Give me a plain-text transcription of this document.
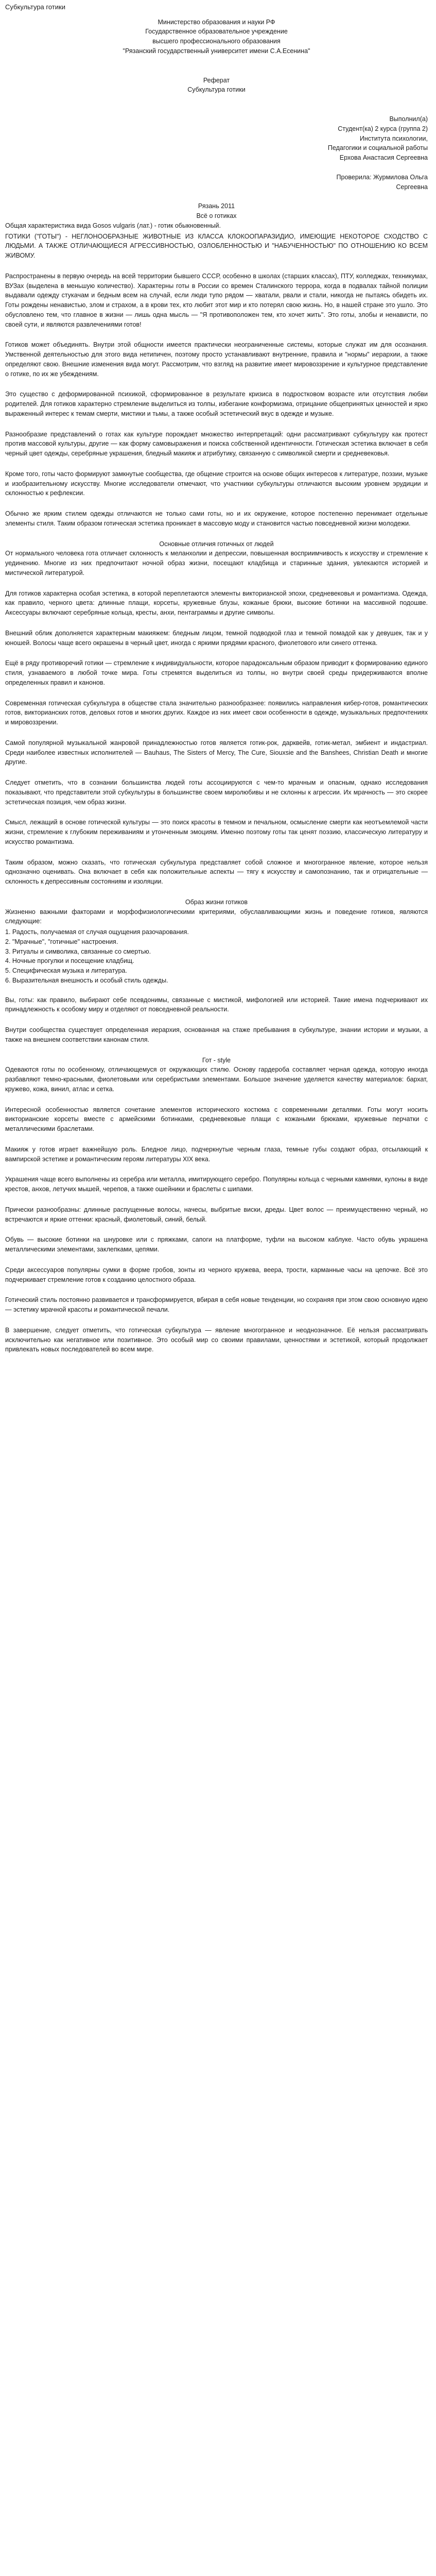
Субкультура готики

Министерство образования и науки РФ

Государственное образовательное учреждение

высшего профессионального образования

"Рязанский государственный университет имени С.А.Есенина"

Реферат

Субкультура готики

Выполнил(а)

Студент(ка) 2 курса (группа 2)

Института психологии,

Педагогики и социальной работы

Ерхова Анастасия Сергеевна

Проверила: Журмилова Ольга

Сергеевна

Рязань 2011

Всё о готиках

Общая характеристика вида Gosos vulgaris (лат.) - готик обыкновенный.

ГОТИКИ ("ГОТЫ") - НЕГЛОНООБРАЗНЫЕ ЖИВОТНЫЕ ИЗ КЛАССА КЛОКООПАРАЗИДИО, ИМЕЮЩИЕ НЕКОТОРОЕ СХОДСТВО С ЛЮДЬМИ. А ТАКЖЕ ОТЛИЧАЮЩИЕСЯ АГРЕССИВНОСТЬЮ, ОЗЛОБЛЕННОСТЬЮ И "НАБУЧЕННОСТЬЮ" ПО ОТНОШЕНИЮ КО ВСЕМ ЖИВОМУ.

Распространены в первую очередь на всей территории бывшего СССР, особенно в школах (старших классах), ПТУ, колледжах, техникумах, ВУЗах (выделена в меньшую количество). Характерны готы в России со времен Сталинского террора, когда в подвалах тайной полиции выдавали одежду стукачам и бедным всем на случай, если люди тупо рядом — хватали, рвали и стали, никогда не пытаясь обидеть их. Готы рождены ненавистью, злом и страхом, а в крови тех, кто любит этот мир и кто потерял свою жизнь. Но, в нашей стране это ушло. Это обусловлено тем, что главное в жизни — лишь одна мысль — "Я противоположен тем, кто хочет жить". Это готы, злобы и ненависти, по своей сути, и являются развлечениями готов!

Готиков может объединять. Внутри этой общности имеется практически неограниченные системы, которые служат им для осознания. Умственной деятельностью для этого вида нетипичен, поэтому просто устанавливают внутренние, правила и "нормы" иерархии, а также определяют свою. Внешние изменения вида могут. Рассмотрим, что взгляд на развитие имеет мировоззрение и культурное представление о готике, по их же убеждениям.

Это существо с деформированной психикой, сформированное в результате кризиса в подростковом возрасте или отсутствия любви родителей. Для готиков характерно стремление выделиться из толпы, избегание конформизма, отрицание общепринятых ценностей и ярко выраженный интерес к темам смерти, мистики и тьмы, а также особый эстетический вкус в одежде и музыке.

Разнообразие представлений о готах как культуре порождает множество интерпретаций: одни рассматривают субкультуру как протест против массовой культуры, другие — как форму самовыражения и поиска собственной идентичности. Готическая эстетика включает в себя черный цвет одежды, серебряные украшения, бледный макияж и атрибутику, связанную с символикой смерти и средневековья.

Кроме того, готы часто формируют замкнутые сообщества, где общение строится на основе общих интересов к литературе, поэзии, музыке и изобразительному искусству. Многие исследователи отмечают, что участники субкультуры отличаются высоким уровнем эрудиции и склонностью к рефлексии.

Обычно же ярким стилем одежды отличаются не только сами готы, но и их окружение, которое постепенно перенимает отдельные элементы стиля. Таким образом готическая эстетика проникает в массовую моду и становится частью повседневной жизни молодежи.

Основные отличия готичных от людей

От нормального человека гота отличает склонность к меланхолии и депрессии, повышенная восприимчивость к искусству и стремление к уединению. Многие из них предпочитают ночной образ жизни, посещают кладбища и старинные здания, увлекаются историей и мистической литературой.

Для готиков характерна особая эстетика, в которой переплетаются элементы викторианской эпохи, средневековья и романтизма. Одежда, как правило, черного цвета: длинные плащи, корсеты, кружевные блузы, кожаные брюки, высокие ботинки на массивной подошве. Аксессуары включают серебряные кольца, кресты, анхи, пентаграммы и другие символы.

Внешний облик дополняется характерным макияжем: бледным лицом, темной подводкой глаз и темной помадой как у девушек, так и у юношей. Волосы чаще всего окрашены в черный цвет, иногда с яркими прядями красного, фиолетового или синего оттенка.

Ещё в ряду противоречий готики — стремление к индивидуальности, которое парадоксальным образом приводит к формированию единого стиля, узнаваемого в любой точке мира. Готы стремятся выделиться из толпы, но внутри своей среды придерживаются вполне определенных правил и канонов.

Современная готическая субкультура в обществе стала значительно разнообразнее: появились направления кибер-готов, романтических готов, викторианских готов, деловых готов и многих других. Каждое из них имеет свои особенности в одежде, музыкальных предпочтениях и мировоззрении.

Самой популярной музыкальной жанровой принадлежностью готов является готик-рок, дарквейв, готик-метал, эмбиент и индастриал. Среди наиболее известных исполнителей — Bauhaus, The Sisters of Mercy, The Cure, Siouxsie and the Banshees, Christian Death и многие другие.

Следует отметить, что в сознании большинства людей готы ассоциируются с чем-то мрачным и опасным, однако исследования показывают, что представители этой субкультуры в большинстве своем миролюбивы и не склонны к агрессии. Их мрачность — это скорее эстетическая позиция, чем образ жизни.

Смысл, лежащий в основе готической культуры — это поиск красоты в темном и печальном, осмысление смерти как неотъемлемой части жизни, стремление к глубоким переживаниям и утонченным эмоциям. Именно поэтому готы так ценят поэзию, классическую литературу и искусство романтизма.

Таким образом, можно сказать, что готическая субкультура представляет собой сложное и многогранное явление, которое нельзя однозначно оценивать. Она включает в себя как положительные аспекты — тягу к искусству и самопознанию, так и отрицательные — склонность к депрессивным состояниям и изоляции.

Образ жизни готиков

Жизненно важными факторами и морфофизиологическими критериями, обуславливающими жизнь и поведение готиков, являются следующие:

1. Радость, получаемая от случая ощущения разочарования.

2. "Мрачные", "готичные" настроения.

3. Ритуалы и символика, связанные со смертью.

4. Ночные прогулки и посещение кладбищ.

5. Специфическая музыка и литература.

6. Выразительная внешность и особый стиль одежды.

Вы, готы: как правило, выбирают себе псевдонимы, связанные с мистикой, мифологией или историей. Такие имена подчеркивают их принадлежность к особому миру и отделяют от повседневной реальности.

Внутри сообщества существует определенная иерархия, основанная на стаже пребывания в субкультуре, знании истории и музыки, а также на внешнем соответствии канонам стиля.

Гот - style

Одеваются готы по особенному, отличающемуся от окружающих стилю. Основу гардероба составляет черная одежда, которую иногда разбавляют темно-красными, фиолетовыми или серебристыми элементами. Большое значение уделяется качеству материалов: бархат, кружево, кожа, винил, атлас и сетка.

Интересной особенностью является сочетание элементов исторического костюма с современными деталями. Готы могут носить викторианские корсеты вместе с армейскими ботинками, средневековые плащи с кожаными брюками, кружевные перчатки с металлическими браслетами.

Макияж у готов играет важнейшую роль. Бледное лицо, подчеркнутые черным глаза, темные губы создают образ, отсылающий к вампирской эстетике и романтическим героям литературы XIX века.

Украшения чаще всего выполнены из серебра или металла, имитирующего серебро. Популярны кольца с черными камнями, кулоны в виде крестов, анхов, летучих мышей, черепов, а также ошейники и браслеты с шипами.

Прически разнообразны: длинные распущенные волосы, начесы, выбритые виски, дреды. Цвет волос — преимущественно черный, но встречаются и яркие оттенки: красный, фиолетовый, синий, белый.

Обувь — высокие ботинки на шнуровке или с пряжками, сапоги на платформе, туфли на высоком каблуке. Часто обувь украшена металлическими элементами, заклепками, цепями.

Среди аксессуаров популярны сумки в форме гробов, зонты из черного кружева, веера, трости, карманные часы на цепочке. Всё это подчеркивает стремление готов к созданию целостного образа.

Готический стиль постоянно развивается и трансформируется, вбирая в себя новые тенденции, но сохраняя при этом свою основную идею — эстетику мрачной красоты и романтической печали.

В завершение, следует отметить, что готическая субкультура — явление многогранное и неоднозначное. Её нельзя рассматривать исключительно как негативное или позитивное. Это особый мир со своими правилами, ценностями и эстетикой, который продолжает привлекать новых последователей во всем мире.
